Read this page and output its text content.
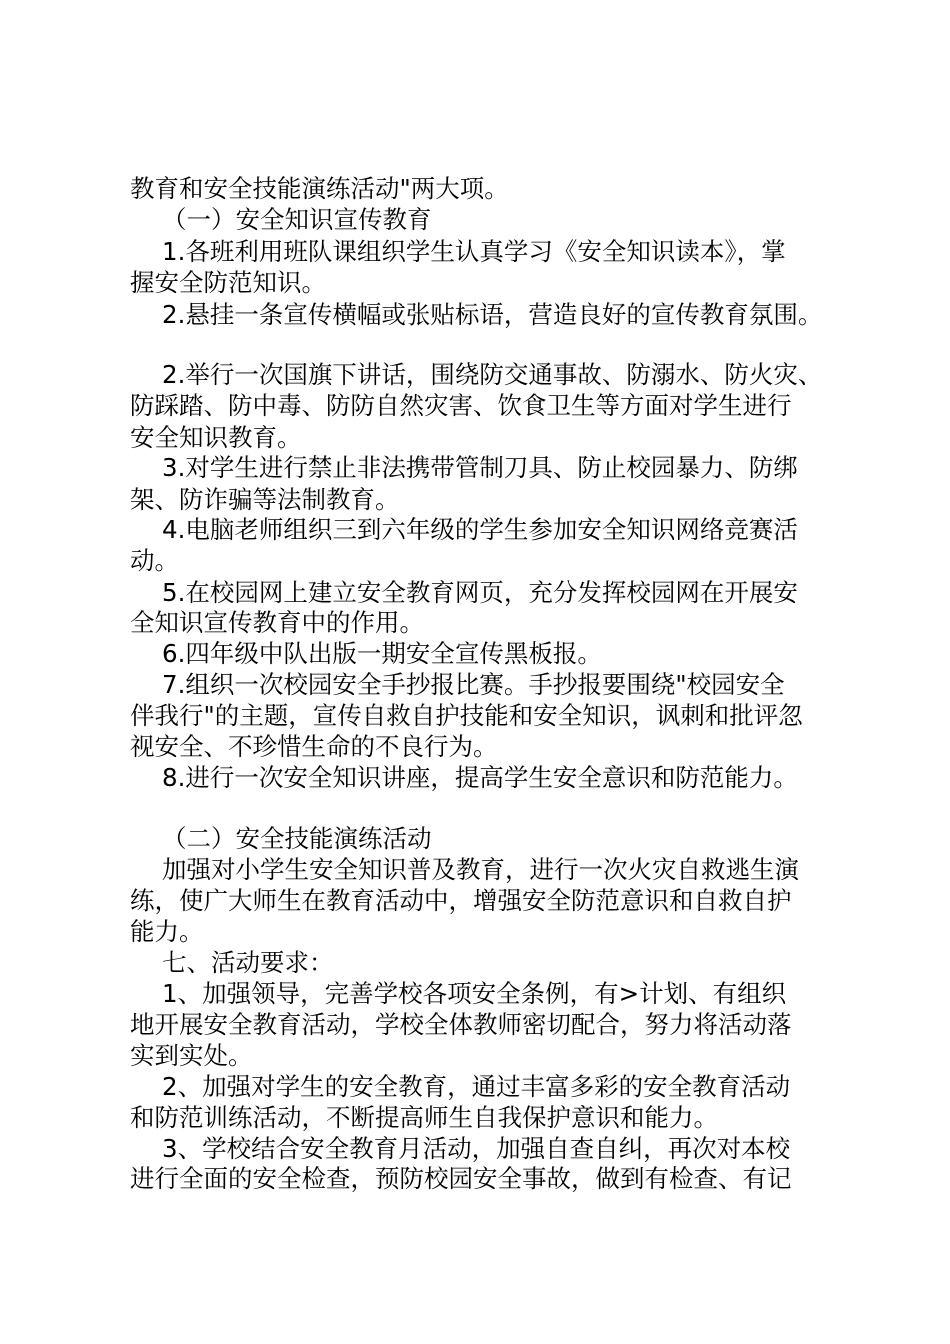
教育和安全技能演练活动"两大项。
（一）安全知识宣传教育
1.各班利用班队课组织学生认真学习《安全知识读本》，掌
握安全防范知识。
2.悬挂一条宣传横幅或张贴标语，营造良好的宣传教育氛围。
2.举行一次国旗下讲话，围绕防交通事故、防溺水、防火灾、
防踩踏、防中毒、防防自然灾害、饮食卫生等方面对学生进行
安全知识教育。
3.对学生进行禁止非法携带管制刀具、防止校园暴力、防绑
架、防诈骗等法制教育。
4.电脑老师组织三到六年级的学生参加安全知识网络竞赛活
动。
5.在校园网上建立安全教育网页，充分发挥校园网在开展安
全知识宣传教育中的作用。
6.四年级中队出版一期安全宣传黑板报。
7.组织一次校园安全手抄报比赛。手抄报要围绕"校园安全
伴我行"的主题，宣传自救自护技能和安全知识，讽刺和批评忽
视安全、不珍惜生命的不良行为。
8.进行一次安全知识讲座，提高学生安全意识和防范能力。
（二）安全技能演练活动
加强对小学生安全知识普及教育，进行一次火灾自救逃生演
练，使广大师生在教育活动中，增强安全防范意识和自救自护
能力。
七、活动要求：
1、加强领导，完善学校各项安全条例，有>计划、有组织
地开展安全教育活动，学校全体教师密切配合，努力将活动落
实到实处。
2、加强对学生的安全教育，通过丰富多彩的安全教育活动
和防范训练活动，不断提高师生自我保护意识和能力。
3、学校结合安全教育月活动，加强自查自纠，再次对本校
进行全面的安全检查，预防校园安全事故，做到有检查、有记
